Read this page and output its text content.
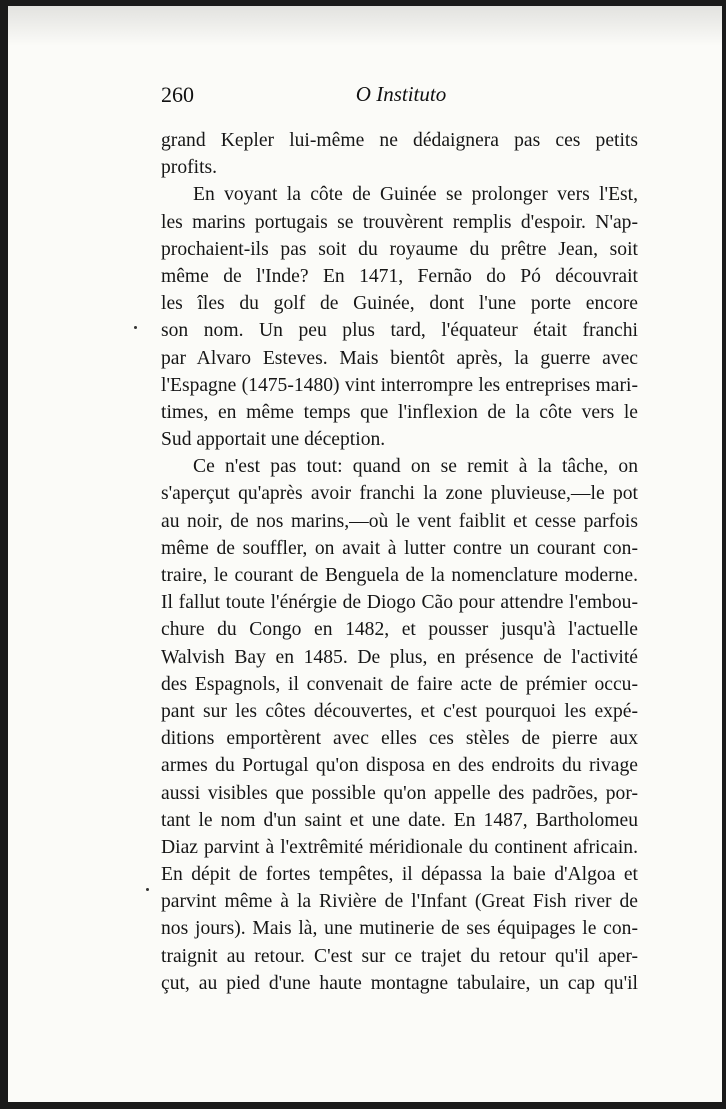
260	O Instituto
grand Kepler lui-même ne dédaignera pas ces petits
profits.
En voyant la côte de Guinée se prolonger vers l'Est,
les marins portugais se trouvèrent remplis d'espoir. N'ap-
prochaient-ils pas soit du royaume du prêtre Jean, soit
même de l'Inde? En 1471, Fernão do Pó découvrait
les îles du golf de Guinée, dont l'une porte encore
son nom. Un peu plus tard, l'équateur était franchi
par Alvaro Esteves. Mais bientôt après, la guerre avec
l'Espagne (1475-1480) vint interrompre les entreprises mari-
times, en même temps que l'inflexion de la côte vers le
Sud apportait une déception.
Ce n'est pas tout: quand on se remit à la tâche, on
s'aperçut qu'après avoir franchi la zone pluvieuse,—le pot
au noir, de nos marins,—où le vent faiblit et cesse parfois
même de souffler, on avait à lutter contre un courant con-
traire, le courant de Benguela de la nomenclature moderne.
Il fallut toute l'énérgie de Diogo Cão pour attendre l'embou-
chure du Congo en 1482, et pousser jusqu'à l'actuelle
Walvish Bay en 1485. De plus, en présence de l'activité
des Espagnols, il convenait de faire acte de prémier occu-
pant sur les côtes découvertes, et c'est pourquoi les expé-
ditions emportèrent avec elles ces stèles de pierre aux
armes du Portugal qu'on disposa en des endroits du rivage
aussi visibles que possible qu'on appelle des padrões, por-
tant le nom d'un saint et une date. En 1487, Bartholomeu
Diaz parvint à l'extrêmité méridionale du continent africain.
En dépit de fortes tempêtes, il dépassa la baie d'Algoa et
parvint même à la Rivière de l'Infant (Great Fish river de
nos jours). Mais là, une mutinerie de ses équipages le con-
traignit au retour. C'est sur ce trajet du retour qu'il aper-
çut, au pied d'une haute montagne tabulaire, un cap qu'il
